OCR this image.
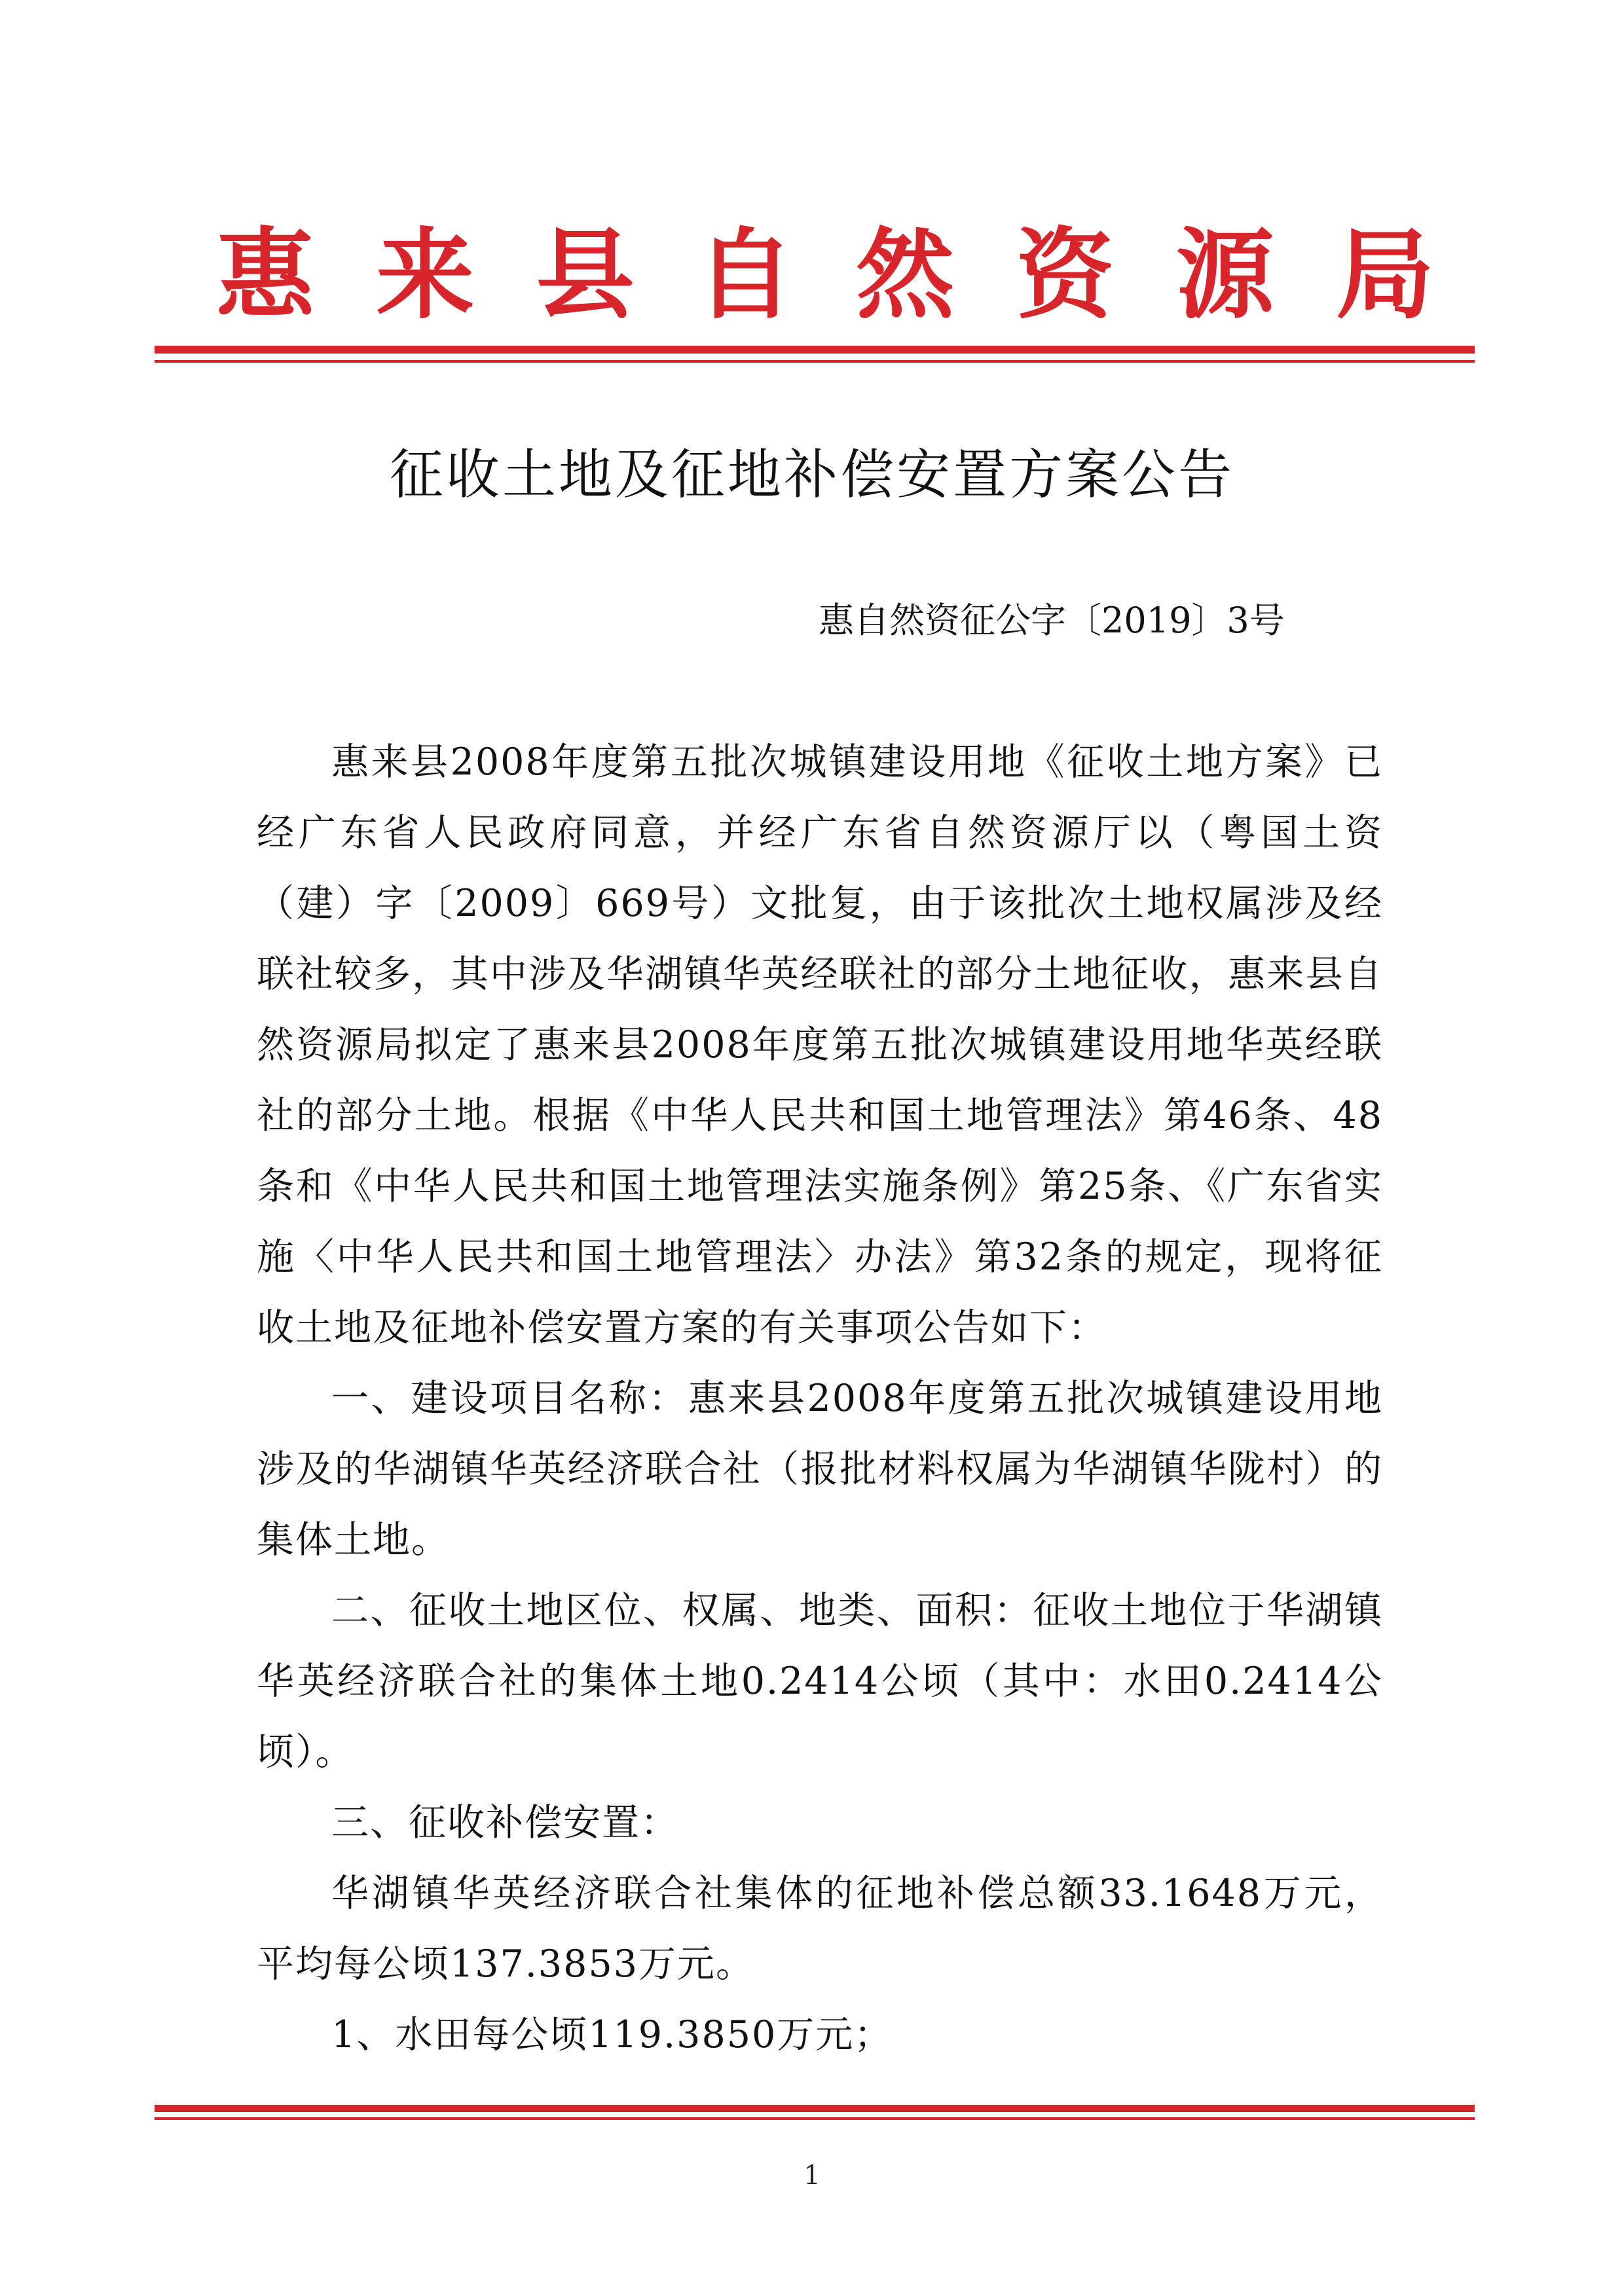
惠 来 县 自 然 资 源 局
征收土地及征地补偿安置方案公告
惠自然资征公字〔2019〕3号

惠来县2008年度第五批次城镇建设用地《征收土地方案》已经广东省人民政府同意，并经广东省自然资源厅以（粤国土资（建）字〔2009〕669号）文批复，由于该批次土地权属涉及经联社较多，其中涉及华湖镇华英经联社的部分土地征收，惠来县自然资源局拟定了惠来县2008年度第五批次城镇建设用地华英经联社的部分土地。根据《中华人民共和国土地管理法》第46条、48条和《中华人民共和国土地管理法实施条例》第25条、《广东省实施〈中华人民共和国土地管理法〉办法》第32条的规定，现将征收土地及征地补偿安置方案的有关事项公告如下：

一、建设项目名称：惠来县2008年度第五批次城镇建设用地涉及的华湖镇华英经济联合社（报批材料权属为华湖镇华陇村）的集体土地。

二、征收土地区位、权属、地类、面积：征收土地位于华湖镇华英经济联合社的集体土地0.2414公顷（其中：水田0.2414公顷）。

三、征收补偿安置：

华湖镇华英经济联合社集体的征地补偿总额33.1648万元，平均每公顷137.3853万元。

1、水田每公顷119.3850万元；

1
